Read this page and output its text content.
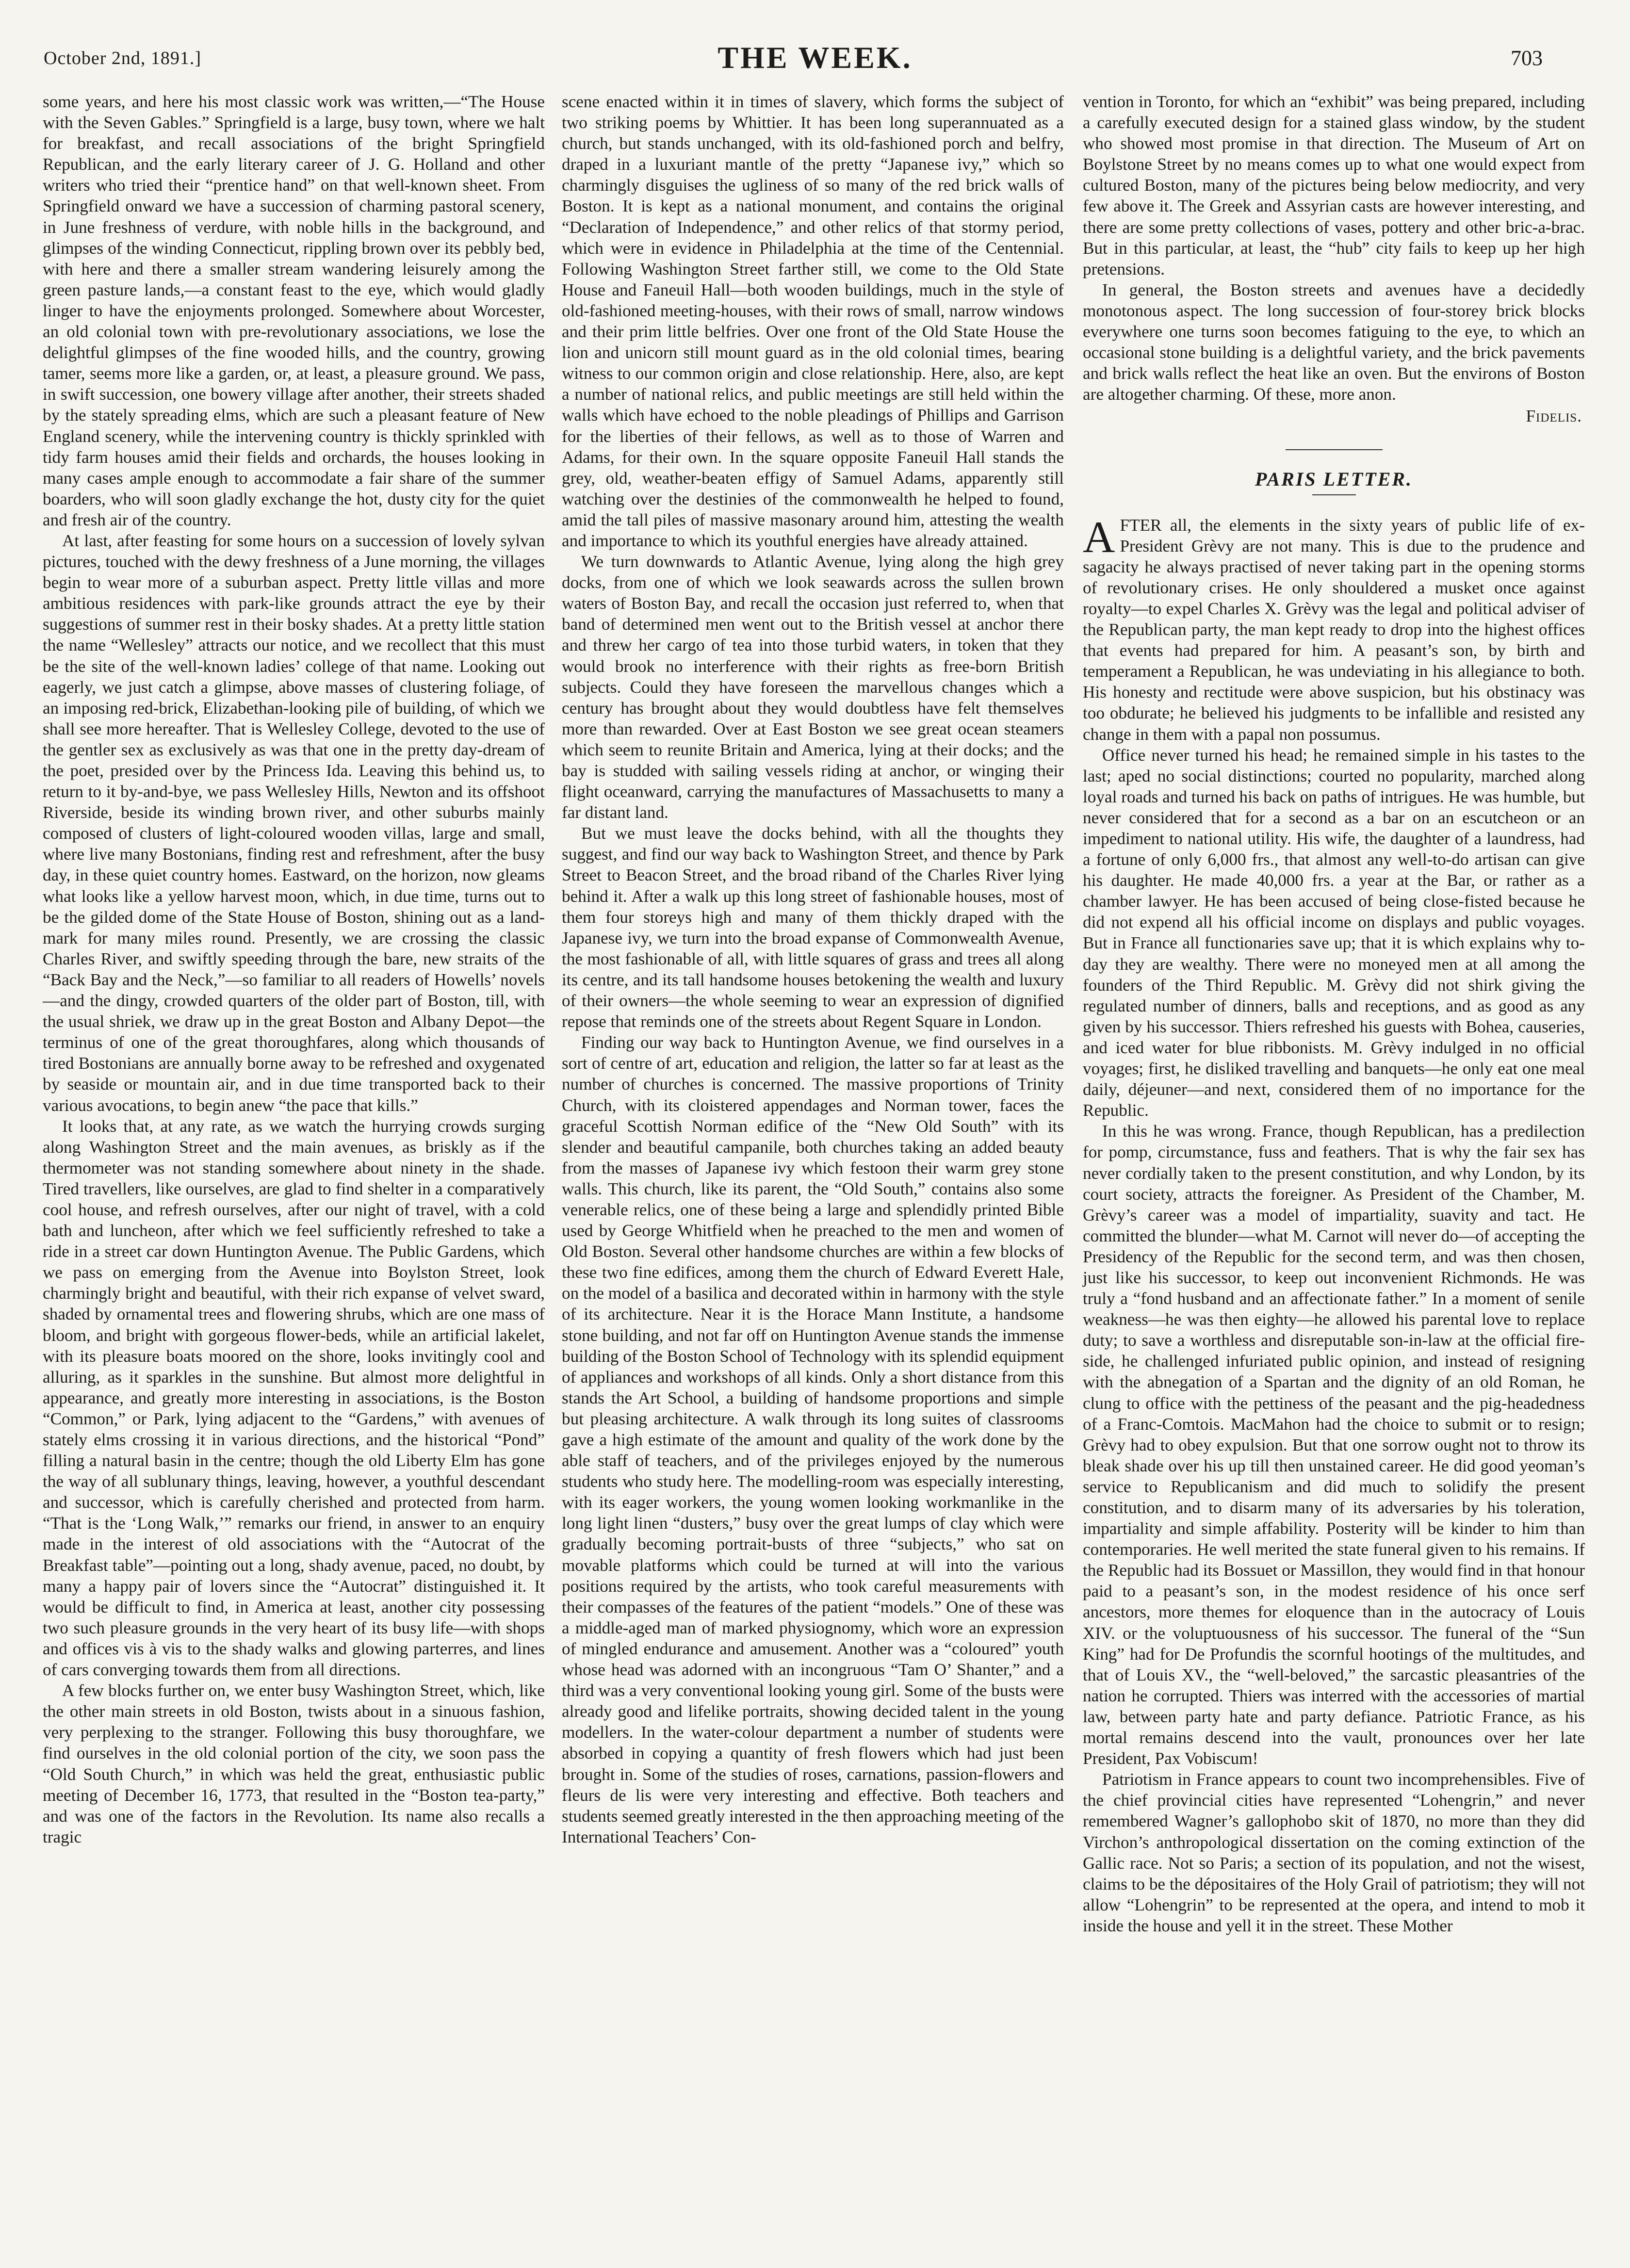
October 2nd, 1891.]	THE WEEK.	703

some years, and here his most classic work was written,—“The House with the Seven Gables.” Springfield is a large, busy town, where we halt for breakfast, and recall associations of the bright Springfield Republican, and the early literary career of J. G. Holland and other writers who tried their “prentice hand” on that well-known sheet. From Springfield onward we have a succession of charming pastoral scenery, in June freshness of verdure, with noble hills in the background, and glimpses of the winding Connecticut, rippling brown over its pebbly bed, with here and there a smaller stream wandering leisurely among the green pasture lands,—a constant feast to the eye, which would gladly linger to have the enjoyments prolonged. Somewhere about Worcester, an old colonial town with pre-revolutionary associations, we lose the delightful glimpses of the fine wooded hills, and the country, growing tamer, seems more like a garden, or, at least, a pleasure ground. We pass, in swift succession, one bowery village after another, their streets shaded by the stately spreading elms, which are such a pleasant feature of New England scenery, while the intervening country is thickly sprinkled with tidy farm houses amid their fields and orchards, the houses looking in many cases ample enough to accommodate a fair share of the summer boarders, who will soon gladly exchange the hot, dusty city for the quiet and fresh air of the country.

At last, after feasting for some hours on a succession of lovely sylvan pictures, touched with the dewy freshness of a June morning, the villages begin to wear more of a suburban aspect. Pretty little villas and more ambitious residences with park-like grounds attract the eye by their suggestions of summer rest in their bosky shades. At a pretty little station the name “Wellesley” attracts our notice, and we recollect that this must be the site of the well-known ladies’ college of that name. Looking out eagerly, we just catch a glimpse, above masses of clustering foliage, of an imposing red-brick, Elizabethan-looking pile of building, of which we shall see more hereafter. That is Wellesley College, devoted to the use of the gentler sex as exclusively as was that one in the pretty day-dream of the poet, presided over by the Princess Ida. Leaving this behind us, to return to it by-and-bye, we pass Wellesley Hills, Newton and its offshoot Riverside, beside its winding brown river, and other suburbs mainly composed of clusters of light-coloured wooden villas, large and small, where live many Bostonians, finding rest and refreshment, after the busy day, in these quiet country homes. Eastward, on the horizon, now gleams what looks like a yellow harvest moon, which, in due time, turns out to be the gilded dome of the State House of Boston, shining out as a land-mark for many miles round. Presently, we are crossing the classic Charles River, and swiftly speeding through the bare, new straits of the “Back Bay and the Neck,”—so familiar to all readers of Howells’ novels—and the dingy, crowded quarters of the older part of Boston, till, with the usual shriek, we draw up in the great Boston and Albany Depot—the terminus of one of the great thoroughfares, along which thousands of tired Bostonians are annually borne away to be refreshed and oxygenated by seaside or mountain air, and in due time transported back to their various avocations, to begin anew “the pace that kills.”

It looks that, at any rate, as we watch the hurrying crowds surging along Washington Street and the main avenues, as briskly as if the thermometer was not standing somewhere about ninety in the shade. Tired travellers, like ourselves, are glad to find shelter in a comparatively cool house, and refresh ourselves, after our night of travel, with a cold bath and luncheon, after which we feel sufficiently refreshed to take a ride in a street car down Huntington Avenue. The Public Gardens, which we pass on emerging from the Avenue into Boylston Street, look charmingly bright and beautiful, with their rich expanse of velvet sward, shaded by ornamental trees and flowering shrubs, which are one mass of bloom, and bright with gorgeous flower-beds, while an artificial lakelet, with its pleasure boats moored on the shore, looks invitingly cool and alluring, as it sparkles in the sunshine. But almost more delightful in appearance, and greatly more interesting in associations, is the Boston “Common,” or Park, lying adjacent to the “Gardens,” with avenues of stately elms crossing it in various directions, and the historical “Pond” filling a natural basin in the centre; though the old Liberty Elm has gone the way of all sublunary things, leaving, however, a youthful descendant and successor, which is carefully cherished and protected from harm. “That is the ‘Long Walk,’” remarks our friend, in answer to an enquiry made in the interest of old associations with the “Autocrat of the Breakfast table”—pointing out a long, shady avenue, paced, no doubt, by many a happy pair of lovers since the “Autocrat” distinguished it. It would be difficult to find, in America at least, another city possessing two such pleasure grounds in the very heart of its busy life—with shops and offices vis à vis to the shady walks and glowing parterres, and lines of cars converging towards them from all directions.

A few blocks further on, we enter busy Washington Street, which, like the other main streets in old Boston, twists about in a sinuous fashion, very perplexing to the stranger. Following this busy thoroughfare, we find ourselves in the old colonial portion of the city, we soon pass the “Old South Church,” in which was held the great, enthusiastic public meeting of December 16, 1773, that resulted in the “Boston tea-party,” and was one of the factors in the Revolution. Its name also recalls a tragic

scene enacted within it in times of slavery, which forms the subject of two striking poems by Whittier. It has been long superannuated as a church, but stands unchanged, with its old-fashioned porch and belfry, draped in a luxuriant mantle of the pretty “Japanese ivy,” which so charmingly disguises the ugliness of so many of the red brick walls of Boston. It is kept as a national monument, and contains the original “Declaration of Independence,” and other relics of that stormy period, which were in evidence in Philadelphia at the time of the Centennial. Following Washington Street farther still, we come to the Old State House and Faneuil Hall—both wooden buildings, much in the style of old-fashioned meeting-houses, with their rows of small, narrow windows and their prim little belfries. Over one front of the Old State House the lion and unicorn still mount guard as in the old colonial times, bearing witness to our common origin and close relationship. Here, also, are kept a number of national relics, and public meetings are still held within the walls which have echoed to the noble pleadings of Phillips and Garrison for the liberties of their fellows, as well as to those of Warren and Adams, for their own. In the square opposite Faneuil Hall stands the grey, old, weather-beaten effigy of Samuel Adams, apparently still watching over the destinies of the commonwealth he helped to found, amid the tall piles of massive masonary around him, attesting the wealth and importance to which its youthful energies have already attained.

We turn downwards to Atlantic Avenue, lying along the high grey docks, from one of which we look seawards across the sullen brown waters of Boston Bay, and recall the occasion just referred to, when that band of determined men went out to the British vessel at anchor there and threw her cargo of tea into those turbid waters, in token that they would brook no interference with their rights as free-born British subjects. Could they have foreseen the marvellous changes which a century has brought about they would doubtless have felt themselves more than rewarded. Over at East Boston we see great ocean steamers which seem to reunite Britain and America, lying at their docks; and the bay is studded with sailing vessels riding at anchor, or winging their flight oceanward, carrying the manufactures of Massachusetts to many a far distant land.

But we must leave the docks behind, with all the thoughts they suggest, and find our way back to Washington Street, and thence by Park Street to Beacon Street, and the broad riband of the Charles River lying behind it. After a walk up this long street of fashionable houses, most of them four storeys high and many of them thickly draped with the Japanese ivy, we turn into the broad expanse of Commonwealth Avenue, the most fashionable of all, with little squares of grass and trees all along its centre, and its tall handsome houses betokening the wealth and luxury of their owners—the whole seeming to wear an expression of dignified repose that reminds one of the streets about Regent Square in London.

Finding our way back to Huntington Avenue, we find ourselves in a sort of centre of art, education and religion, the latter so far at least as the number of churches is concerned. The massive proportions of Trinity Church, with its cloistered appendages and Norman tower, faces the graceful Scottish Norman edifice of the “New Old South” with its slender and beautiful campanile, both churches taking an added beauty from the masses of Japanese ivy which festoon their warm grey stone walls. This church, like its parent, the “Old South,” contains also some venerable relics, one of these being a large and splendidly printed Bible used by George Whitfield when he preached to the men and women of Old Boston. Several other handsome churches are within a few blocks of these two fine edifices, among them the church of Edward Everett Hale, on the model of a basilica and decorated within in harmony with the style of its architecture. Near it is the Horace Mann Institute, a handsome stone building, and not far off on Huntington Avenue stands the immense building of the Boston School of Technology with its splendid equipment of appliances and workshops of all kinds. Only a short distance from this stands the Art School, a building of handsome proportions and simple but pleasing architecture. A walk through its long suites of classrooms gave a high estimate of the amount and quality of the work done by the able staff of teachers, and of the privileges enjoyed by the numerous students who study here. The modelling-room was especially interesting, with its eager workers, the young women looking workmanlike in the long light linen “dusters,” busy over the great lumps of clay which were gradually becoming portrait-busts of three “subjects,” who sat on movable platforms which could be turned at will into the various positions required by the artists, who took careful measurements with their compasses of the features of the patient “models.” One of these was a middle-aged man of marked physiognomy, which wore an expression of mingled endurance and amusement. Another was a “coloured” youth whose head was adorned with an incongruous “Tam O’ Shanter,” and a third was a very conventional looking young girl. Some of the busts were already good and lifelike portraits, showing decided talent in the young modellers. In the water-colour department a number of students were absorbed in copying a quantity of fresh flowers which had just been brought in. Some of the studies of roses, carnations, passion-flowers and fleurs de lis were very interesting and effective. Both teachers and students seemed greatly interested in the then approaching meeting of the International Teachers’ Con-

vention in Toronto, for which an “exhibit” was being prepared, including a carefully executed design for a stained glass window, by the student who showed most promise in that direction. The Museum of Art on Boylstone Street by no means comes up to what one would expect from cultured Boston, many of the pictures being below mediocrity, and very few above it. The Greek and Assyrian casts are however interesting, and there are some pretty collections of vases, pottery and other bric-a-brac. But in this particular, at least, the “hub” city fails to keep up her high pretensions.

In general, the Boston streets and avenues have a decidedly monotonous aspect. The long succession of four-storey brick blocks everywhere one turns soon becomes fatiguing to the eye, to which an occasional stone building is a delightful variety, and the brick pavements and brick walls reflect the heat like an oven. But the environs of Boston are altogether charming. Of these, more anon.

Fidelis.
PARIS LETTER.

AFTER all, the elements in the sixty years of public life of ex-President Grèvy are not many. This is due to the prudence and sagacity he always practised of never taking part in the opening storms of revolutionary crises. He only shouldered a musket once against royalty—to expel Charles X. Grèvy was the legal and political adviser of the Republican party, the man kept ready to drop into the highest offices that events had prepared for him. A peasant’s son, by birth and temperament a Republican, he was undeviating in his allegiance to both. His honesty and rectitude were above suspicion, but his obstinacy was too obdurate; he believed his judgments to be infallible and resisted any change in them with a papal non possumus.

Office never turned his head; he remained simple in his tastes to the last; aped no social distinctions; courted no popularity, marched along loyal roads and turned his back on paths of intrigues. He was humble, but never considered that for a second as a bar on an escutcheon or an impediment to national utility. His wife, the daughter of a laundress, had a fortune of only 6,000 frs., that almost any well-to-do artisan can give his daughter. He made 40,000 frs. a year at the Bar, or rather as a chamber lawyer. He has been accused of being close-fisted because he did not expend all his official income on displays and public voyages. But in France all functionaries save up; that it is which explains why to-day they are wealthy. There were no moneyed men at all among the founders of the Third Republic. M. Grèvy did not shirk giving the regulated number of dinners, balls and receptions, and as good as any given by his successor. Thiers refreshed his guests with Bohea, causeries, and iced water for blue ribbonists. M. Grèvy indulged in no official voyages; first, he disliked travelling and banquets—he only eat one meal daily, déjeuner—and next, considered them of no importance for the Republic.

In this he was wrong. France, though Republican, has a predilection for pomp, circumstance, fuss and feathers. That is why the fair sex has never cordially taken to the present constitution, and why London, by its court society, attracts the foreigner. As President of the Chamber, M. Grèvy’s career was a model of impartiality, suavity and tact. He committed the blunder—what M. Carnot will never do—of accepting the Presidency of the Republic for the second term, and was then chosen, just like his successor, to keep out inconvenient Richmonds. He was truly a “fond husband and an affectionate father.” In a moment of senile weakness—he was then eighty—he allowed his parental love to replace duty; to save a worthless and disreputable son-in-law at the official fire-side, he challenged infuriated public opinion, and instead of resigning with the abnegation of a Spartan and the dignity of an old Roman, he clung to office with the pettiness of the peasant and the pig-headedness of a Franc-Comtois. MacMahon had the choice to submit or to resign; Grèvy had to obey expulsion. But that one sorrow ought not to throw its bleak shade over his up till then unstained career. He did good yeoman’s service to Republicanism and did much to solidify the present constitution, and to disarm many of its adversaries by his toleration, impartiality and simple affability. Posterity will be kinder to him than contemporaries. He well merited the state funeral given to his remains. If the Republic had its Bossuet or Massillon, they would find in that honour paid to a peasant’s son, in the modest residence of his once serf ancestors, more themes for eloquence than in the autocracy of Louis XIV. or the voluptuousness of his successor. The funeral of the “Sun King” had for De Profundis the scornful hootings of the multitudes, and that of Louis XV., the “well-beloved,” the sarcastic pleasantries of the nation he corrupted. Thiers was interred with the accessories of martial law, between party hate and party defiance. Patriotic France, as his mortal remains descend into the vault, pronounces over her late President, Pax Vobiscum!

Patriotism in France appears to count two incomprehensibles. Five of the chief provincial cities have represented “Lohengrin,” and never remembered Wagner’s gallophobo skit of 1870, no more than they did Virchon’s anthropological dissertation on the coming extinction of the Gallic race. Not so Paris; a section of its population, and not the wisest, claims to be the dépositaires of the Holy Grail of patriotism; they will not allow “Lohengrin” to be represented at the opera, and intend to mob it inside the house and yell it in the street. These Mother
